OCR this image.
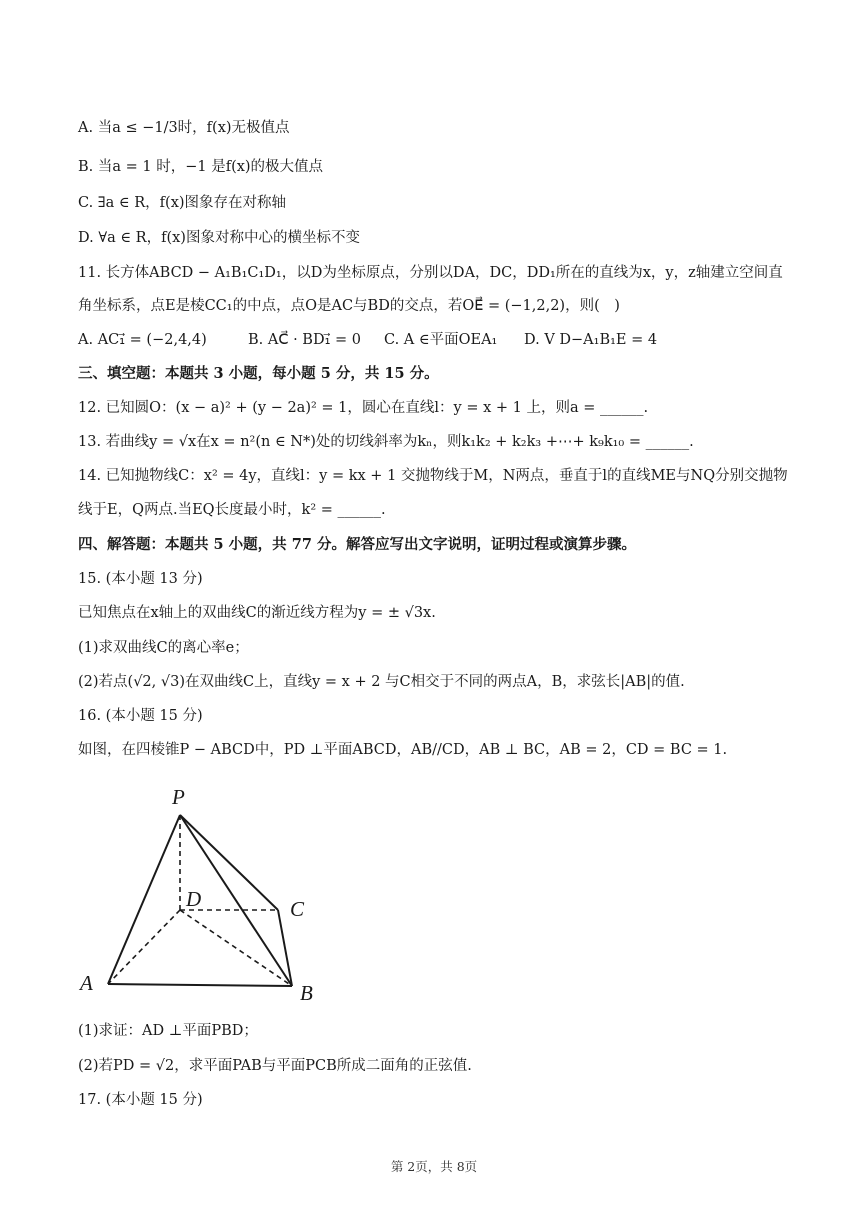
A. 当a ≤ −1/3时，f(x)无极值点
B. 当a = 1 时，−1 是f(x)的极大值点
C. ∃a ∈ R，f(x)图象存在对称轴
D. ∀a ∈ R，f(x)图象对称中心的横坐标不变
11. 长方体ABCD − A₁B₁C₁D₁，以D为坐标原点，分别以DA，DC，DD₁所在的直线为x，y，z轴建立空间直
角坐标系，点E是棱CC₁的中点，点O是AC与BD的交点，若OE⃗ = (−1,2,2)，则(　)
A. AC₁⃗ = (−2,4,4)	B. AC⃗ · BD₁⃗ = 0 C. A ∈平面OEA₁ D. V D−A₁B₁E = 4
三、填空题：本题共 3 小题，每小题 5 分，共 15 分。
12. 已知圆O：(x − a)² + (y − 2a)² = 1，圆心在直线l：y = x + 1 上，则a = ______.
13. 若曲线y = √x在x = n²(n ∈ N*)处的切线斜率为kₙ，则k₁k₂ + k₂k₃ +⋯+ k₉k₁₀ = ______.
14. 已知抛物线C：x² = 4y，直线l：y = kx + 1 交抛物线于M，N两点，垂直于l的直线ME与NQ分别交抛物
线于E，Q两点.当EQ长度最小时，k² = ______.
四、解答题：本题共 5 小题，共 77 分。解答应写出文字说明，证明过程或演算步骤。
15. (本小题 13 分)
已知焦点在x轴上的双曲线C的渐近线方程为y = ± √3x.
(1)求双曲线C的离心率e；
(2)若点(√2, √3)在双曲线C上，直线y = x + 2 与C相交于不同的两点A，B，求弦长|AB|的值.
16. (本小题 15 分)
如图，在四棱锥P − ABCD中，PD ⊥平面ABCD，AB//CD，AB ⊥ BC，AB = 2，CD = BC = 1.
P
D	C
A	B
(1)求证：AD ⊥平面PBD；
(2)若PD = √2，求平面PAB与平面PCB所成二面角的正弦值.
17. (本小题 15 分)
第 2页，共 8页
